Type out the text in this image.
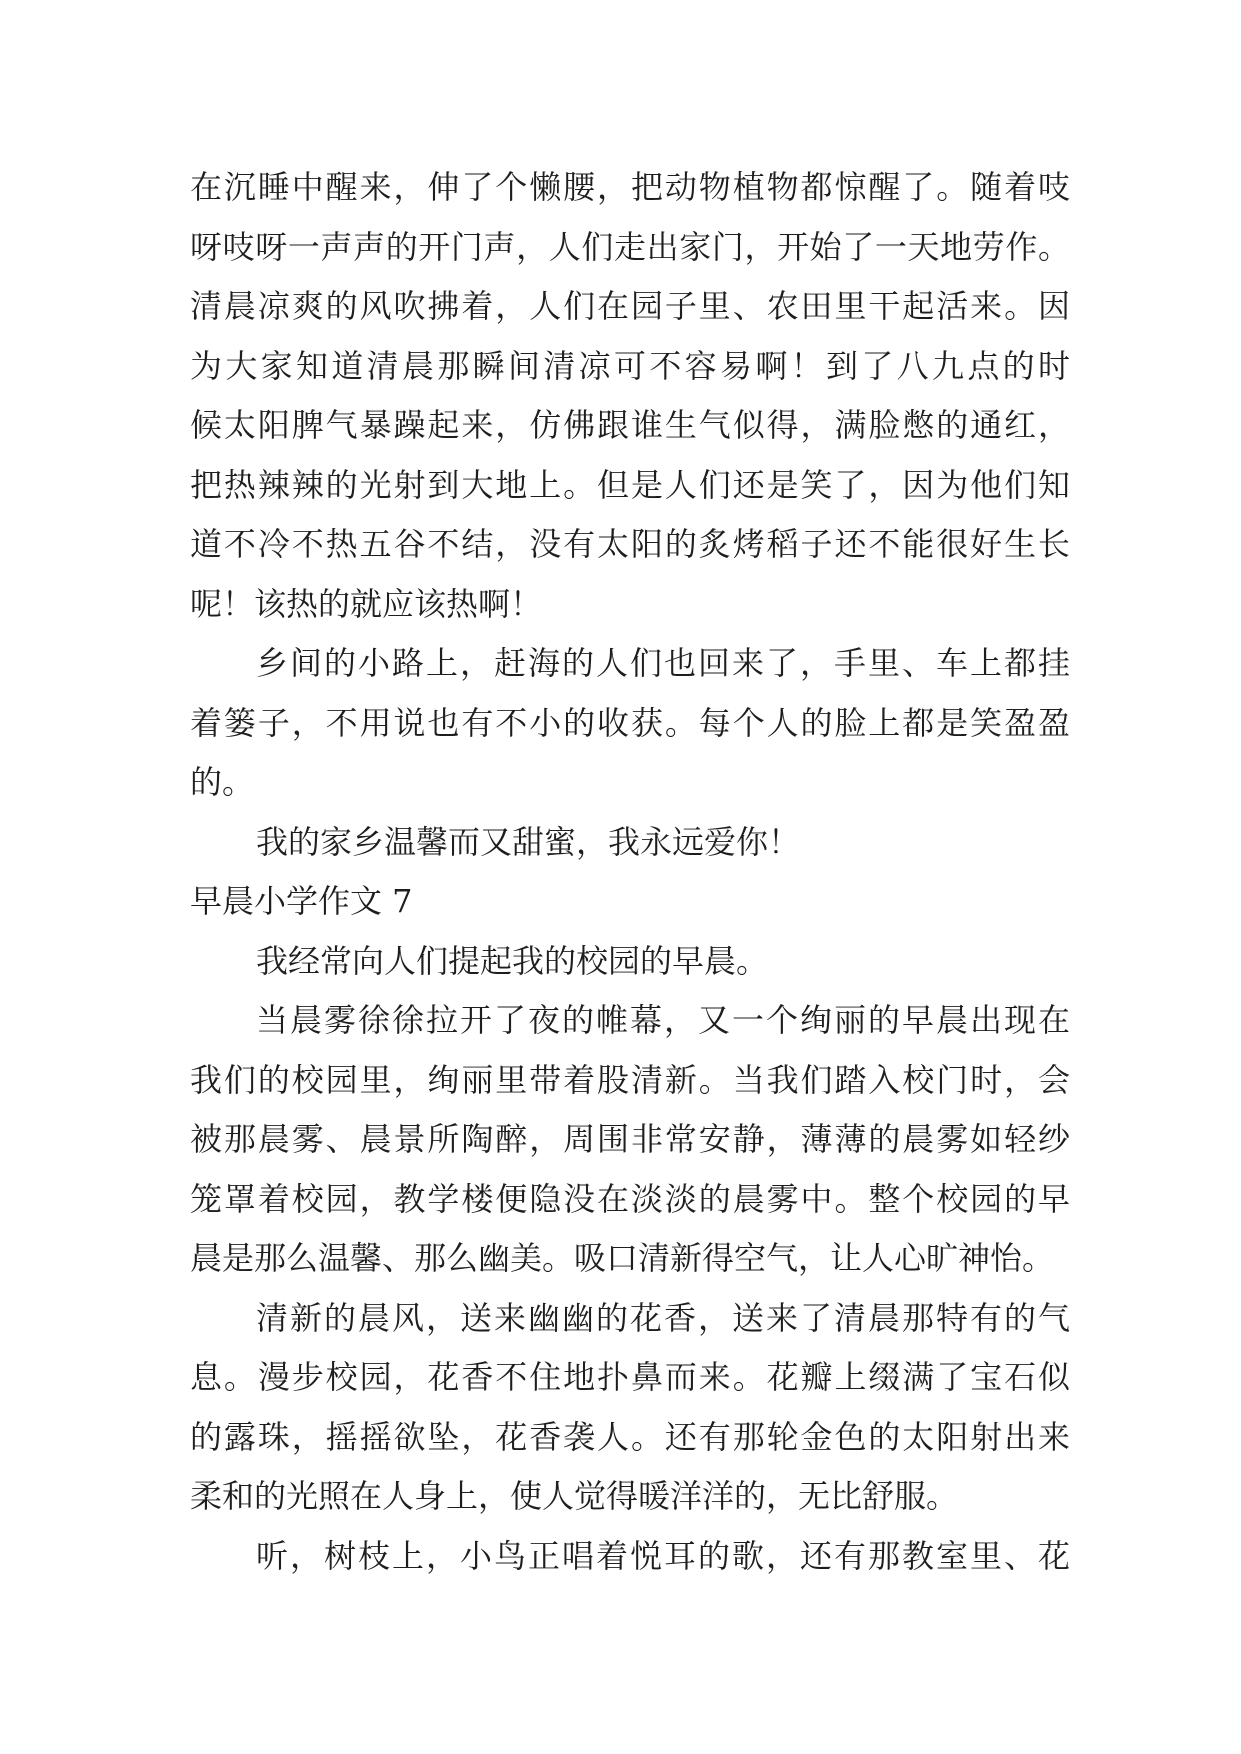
在沉睡中醒来，伸了个懒腰，把动物植物都惊醒了。随着吱
呀吱呀一声声的开门声，人们走出家门，开始了一天地劳作。
清晨凉爽的风吹拂着，人们在园子里、农田里干起活来。因
为大家知道清晨那瞬间清凉可不容易啊！到了八九点的时
候太阳脾气暴躁起来，仿佛跟谁生气似得，满脸憋的通红，
把热辣辣的光射到大地上。但是人们还是笑了，因为他们知
道不冷不热五谷不结，没有太阳的炙烤稻子还不能很好生长
呢！该热的就应该热啊！
乡间的小路上，赶海的人们也回来了，手里、车上都挂
着篓子，不用说也有不小的收获。每个人的脸上都是笑盈盈
的。
我的家乡温馨而又甜蜜，我永远爱你！
早晨小学作文 7
我经常向人们提起我的校园的早晨。
当晨雾徐徐拉开了夜的帷幕，又一个绚丽的早晨出现在
我们的校园里，绚丽里带着股清新。当我们踏入校门时，会
被那晨雾、晨景所陶醉，周围非常安静，薄薄的晨雾如轻纱
笼罩着校园，教学楼便隐没在淡淡的晨雾中。整个校园的早
晨是那么温馨、那么幽美。吸口清新得空气，让人心旷神怡。
清新的晨风，送来幽幽的花香，送来了清晨那特有的气
息。漫步校园，花香不住地扑鼻而来。花瓣上缀满了宝石似
的露珠，摇摇欲坠，花香袭人。还有那轮金色的太阳射出来
柔和的光照在人身上，使人觉得暖洋洋的，无比舒服。
听，树枝上，小鸟正唱着悦耳的歌，还有那教室里、花
